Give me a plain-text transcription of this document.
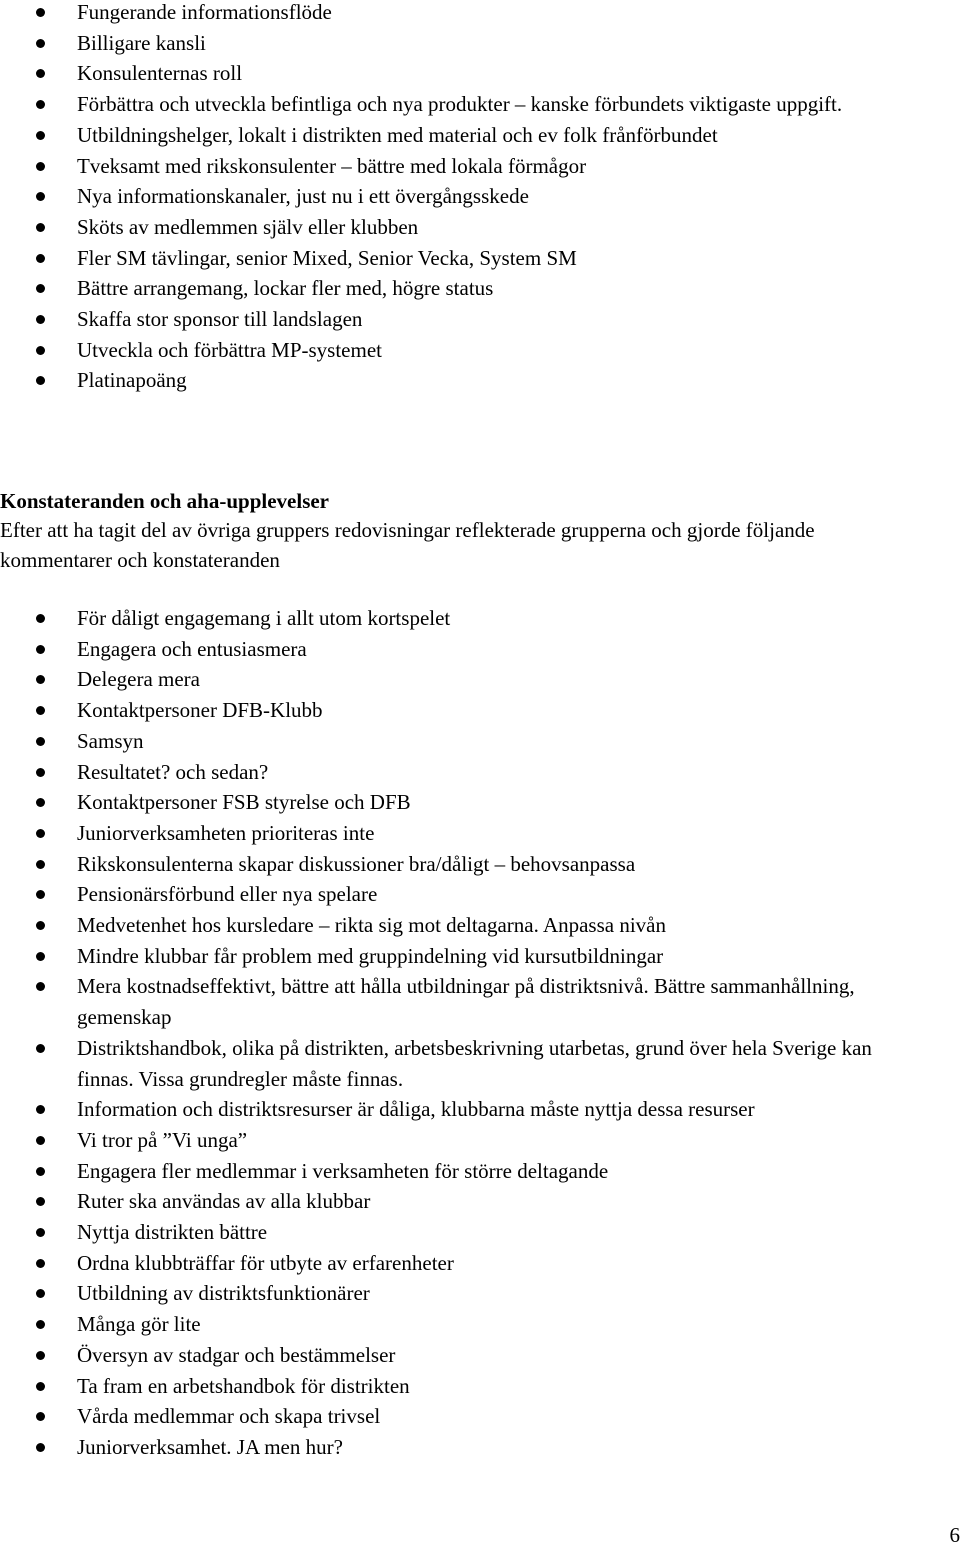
Fungerande informationsflöde
Billigare kansli
Konsulenternas roll
Förbättra och utveckla befintliga och nya produkter – kanske förbundets viktigaste uppgift.
Utbildningshelger, lokalt i distrikten med material och ev folk frånförbundet
Tveksamt med rikskonsulenter – bättre med lokala förmågor
Nya informationskanaler, just nu i ett övergångsskede
Sköts av medlemmen själv eller klubben
Fler SM tävlingar, senior Mixed, Senior Vecka, System SM
Bättre arrangemang, lockar fler med, högre status
Skaffa stor sponsor till landslagen
Utveckla och förbättra MP-systemet
Platinapoäng
Konstateranden och aha-upplevelser
Efter att ha tagit del av övriga gruppers redovisningar reflekterade grupperna och gjorde följande kommentarer och konstateranden
För dåligt engagemang i allt utom kortspelet
Engagera och entusiasmera
Delegera mera
Kontaktpersoner DFB-Klubb
Samsyn
Resultatet? och sedan?
Kontaktpersoner FSB styrelse och DFB
Juniorverksamheten prioriteras inte
Rikskonsulenterna skapar diskussioner bra/dåligt – behovsanpassa
Pensionärsförbund eller nya spelare
Medvetenhet hos kursledare – rikta sig mot deltagarna. Anpassa nivån
Mindre klubbar får problem med gruppindelning vid kursutbildningar
Mera kostnadseffektivt, bättre att hålla utbildningar på distriktsnivå. Bättre sammanhållning, gemenskap
Distriktshandbok, olika på distrikten, arbetsbeskrivning utarbetas, grund över hela Sverige kan finnas. Vissa grundregler måste finnas.
Information och distriktsresurser är dåliga, klubbarna måste nyttja dessa resurser
Vi tror på ”Vi unga”
Engagera fler medlemmar i verksamheten för större deltagande
Ruter ska användas av alla klubbar
Nyttja distrikten bättre
Ordna klubbträffar för utbyte av erfarenheter
Utbildning av distriktsfunktionärer
Många gör lite
Översyn av stadgar och bestämmelser
Ta fram en arbetshandbok för distrikten
Vårda medlemmar och skapa trivsel
Juniorverksamhet. JA men hur?
6
